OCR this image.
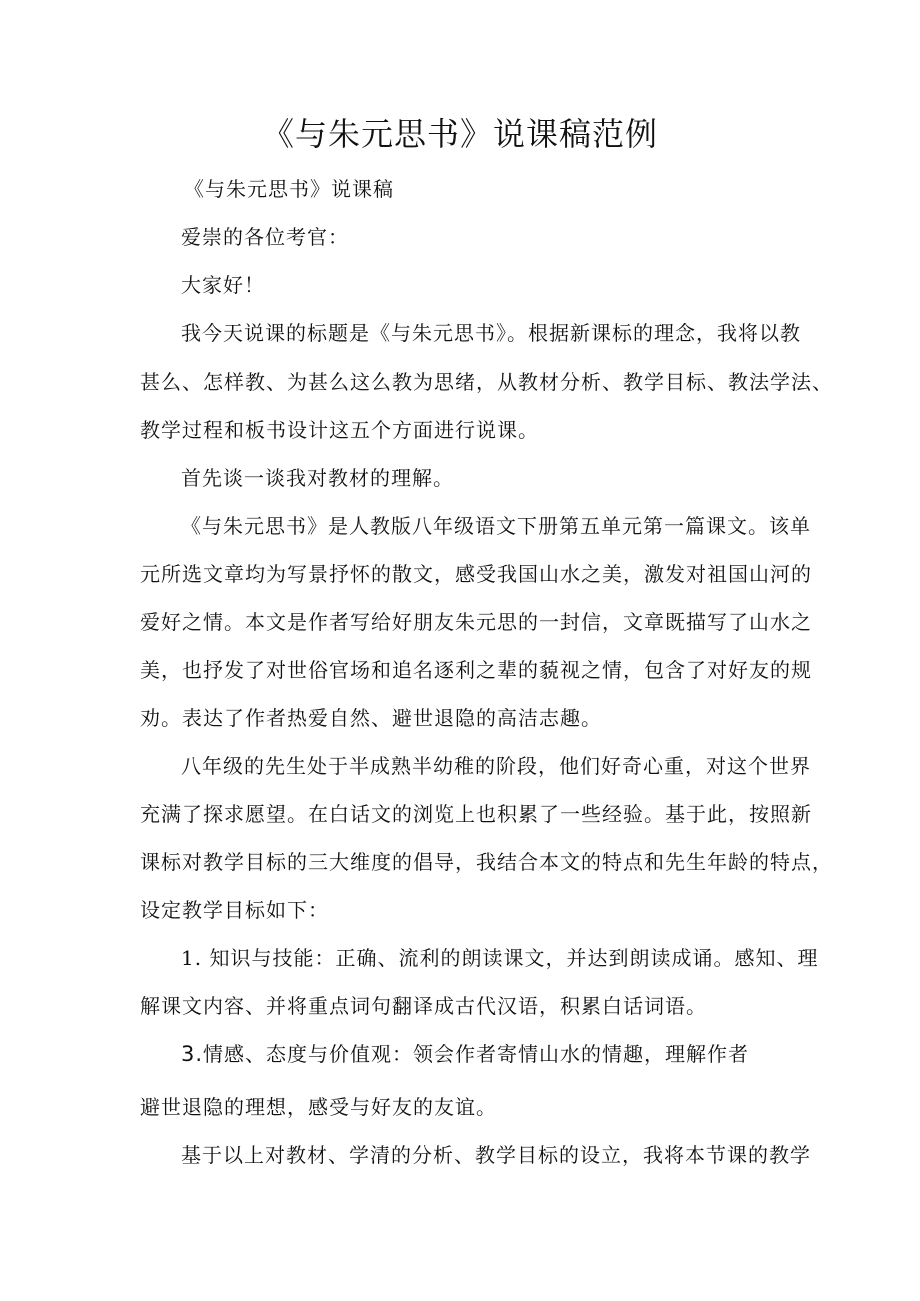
《与朱元思书》说课稿范例
《与朱元思书》说课稿
爱崇的各位考官：
大家好！
我今天说课的标题是《与朱元思书》。根据新课标的理念，我将以教
甚么、怎样教、为甚么这么教为思绪，从教材分析、教学目标、教法学法、
教学过程和板书设计这五个方面进行说课。
首先谈一谈我对教材的理解。
《与朱元思书》是人教版八年级语文下册第五单元第一篇课文。该单
元所选文章均为写景抒怀的散文，感受我国山水之美，激发对祖国山河的
爱好之情。本文是作者写给好朋友朱元思的一封信，文章既描写了山水之
美，也抒发了对世俗官场和追名逐利之辈的藐视之情，包含了对好友的规
劝。表达了作者热爱自然、避世退隐的高洁志趣。
八年级的先生处于半成熟半幼稚的阶段，他们好奇心重，对这个世界
充满了探求愿望。在白话文的浏览上也积累了一些经验。基于此，按照新
课标对教学目标的三大维度的倡导，我结合本文的特点和先生年龄的特点，
设定教学目标如下：
1. 知识与技能：正确、流利的朗读课文，并达到朗读成诵。感知、理
解课文内容、并将重点词句翻译成古代汉语，积累白话词语。
3.情感、态度与价值观：领会作者寄情山水的情趣，理解作者
避世退隐的理想，感受与好友的友谊。
基于以上对教材、学清的分析、教学目标的设立，我将本节课的教学
